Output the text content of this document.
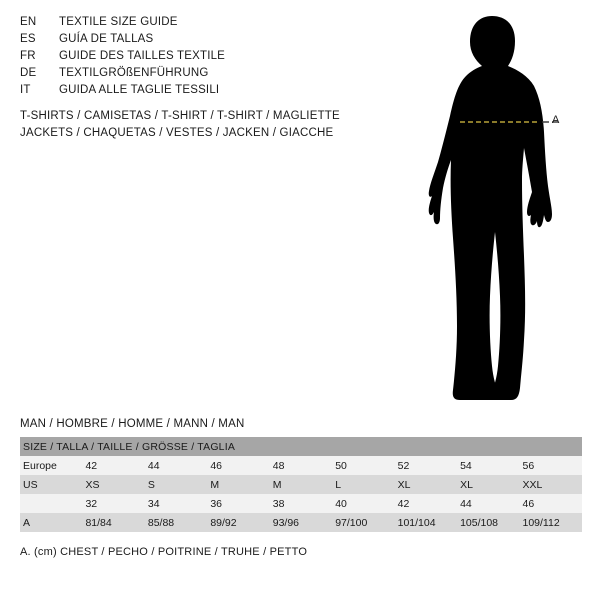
EN	TEXTILE SIZE GUIDE
ES	GUÍA DE TALLAS
FR	GUIDE DES TAILLES TEXTILE
DE	TEXTILGRÖßENFÜHRUNG
IT	GUIDA ALLE TAGLIE TESSILI
T-SHIRTS / CAMISETAS / T-SHIRT / T-SHIRT / MAGLIETTE
JACKETS / CHAQUETAS / VESTES / JACKEN / GIACCHE
A
MAN / HOMBRE / HOMME / MANN / MAN
SIZE / TALLA / TAILLE / GRÖSSE / TAGLIA								

Europe	42	44	46	48	50	52	54	56

US	XS	S	M	M	L	XL	XL	XXL

	32	34	36	38	40	42	44	46

A	81/84	85/88	89/92	93/96	97/100	101/104	105/108	109/112
A. (cm) CHEST / PECHO / POITRINE / TRUHE / PETTO
